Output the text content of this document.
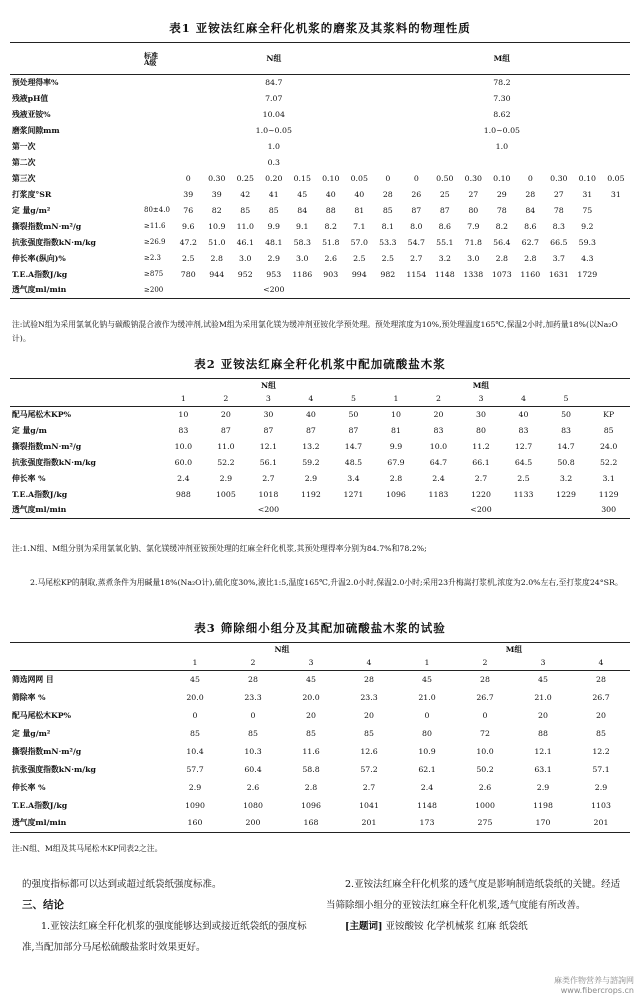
表1 亚铵法红麻全秆化机浆的磨浆及其浆料的物理性质
	标准
A级	N组							M组								
预处理得率%		84.7							78.2								
残液pH值		7.07							7.30								
残液亚铵%		10.04							8.62								
磨浆间隙mm		1.0~0.05							1.0~0.05								
第一次		1.0							1.0								
第二次		0.3															
第三次		0	0.30	0.25	0.20	0.15	0.10	0.05	0	0	0.50	0.30	0.10	0	0.30	0.10	0.05
打浆度°SR		39	39	42	41	45	40	40	28	26	25	27	29	28	27	31	31
定 量g/m²	80±4.0	76	82	85	85	84	88	81	85	87	87	80	78	84	78	75	
撕裂指数mN·m²/g	≥11.6	9.6	10.9	11.0	9.9	9.1	8.2	7.1	8.1	8.0	8.6	7.9	8.2	8.6	8.3	9.2	
抗张强度指数kN·m/kg	≥26.9	47.2	51.0	46.1	48.1	58.3	51.8	57.0	53.3	54.7	55.1	71.8	56.4	62.7	66.5	59.3	
伸长率(纵向)%	≥2.3	2.5	2.8	3.0	2.9	3.0	2.6	2.5	2.5	2.7	3.2	3.0	2.8	2.8	3.7	4.3	
T.E.A指数J/kg	≥875	780	944	952	953	1186	903	994	982	1154	1148	1338	1073	1160	1631	1729	
透气度ml/min	≥200	<200															
注:试验N组为采用氯氧化钠与碳酸钠混合液作为缓冲剂,试验M组为采用氯化镁为缓冲剂亚铵化学预处理。预处理浓度为10%,预处理温度165℃,保温2小时,加药量18%(以Na₂O计)。
表2 亚铵法红麻全秆化机浆中配加硫酸盐木浆
	N组					M组					
	1	2	3	4	5	1	2	3	4	5	
配马尾松木KP%	10	20	30	40	50	10	20	30	40	50	KP
定 量g/m	83	87	87	87	87	81	83	80	83	83	85
撕裂指数mN·m²/g	10.0	11.0	12.1	13.2	14.7	9.9	10.0	11.2	12.7	14.7	24.0
抗张强度指数kN·m/kg	60.0	52.2	56.1	59.2	48.5	67.9	64.7	66.1	64.5	50.8	52.2
伸长率 %	2.4	2.9	2.7	2.9	3.4	2.8	2.4	2.7	2.5	3.2	3.1
T.E.A指数J/kg	988	1005	1018	1192	1271	1096	1183	1220	1133	1229	1129
透气度ml/min	<200					<200					300
注:1.N组、M组分别为采用氯氧化钠、氯化镁缓冲剂亚铵预处理的红麻全秆化机浆,其预处理得率分别为84.7%和78.2%;
2.马尾松KP的制取,蒸煮条件为用碱量18%(Na₂O计),硫化度30%,液比1:5,温度165℃,升温2.0小时,保温2.0小时;采用23升梅嵩打浆机,浓度为2.0%左右,至打浆度24°SR。
表3 筛除细小组分及其配加硫酸盐木浆的试验
	N组				M组			
	1	2	3	4	1	2	3	4
筛选网网 目	45	28	45	28	45	28	45	28
筛除率 %	20.0	23.3	20.0	23.3	21.0	26.7	21.0	26.7
配马尾松木KP%	0	0	20	20	0	0	20	20
定 量g/m²	85	85	85	85	80	72	88	85
撕裂指数mN·m²/g	10.4	10.3	11.6	12.6	10.9	10.0	12.1	12.2
抗张强度指数kN·m/kg	57.7	60.4	58.8	57.2	62.1	50.2	63.1	57.1
伸长率 %	2.9	2.6	2.8	2.7	2.4	2.6	2.9	2.9
T.E.A指数J/kg	1090	1080	1096	1041	1148	1000	1198	1103
透气度ml/min	160	200	168	201	173	275	170	201
注:N组、M组及其马尾松木KP同表2之注。
的强度指标都可以达到或超过纸袋纸强度标准。
三、结论
1.亚铵法红麻全秆化机浆的强度能够达到或接近纸袋纸的强度标准,当配加部分马尾松硫酸盐浆时效果更好。
2.亚铵法红麻全秆化机浆的透气度是影响制造纸袋纸的关键。经适当筛除细小组分的亚铵法红麻全秆化机浆,透气度能有所改善。
[主题词] 亚铵酸铵 化学机械浆 红麻 纸袋纸
麻类作物营养与諮詢网
www.fibercrops.cn
